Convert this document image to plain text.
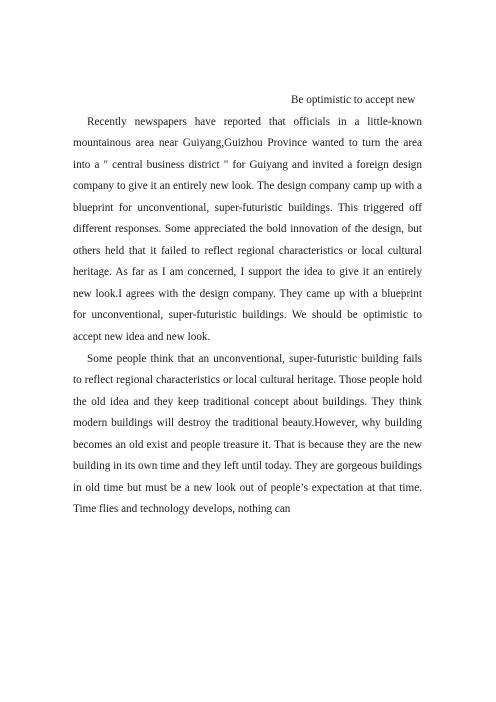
Be optimistic to accept new

Recently newspapers have reported that officials in a little-known mountainous area near Guiyang,Guizhou Province wanted to turn the area into a " central business district " for Guiyang and invited a foreign design company to give it an entirely new look. The design company camp up with a blueprint for unconventional, super-futuristic buildings. This triggered off different responses. Some appreciated the bold innovation of the design, but others held that it failed to reflect regional characteristics or local cultural heritage. As far as I am concerned, I support the idea to give it an entirely new look.I agrees with the design company. They came up with a blueprint for unconventional, super-futuristic buildings. We should be optimistic to accept new idea and new look.

Some people think that an unconventional, super-futuristic building fails to reflect regional characteristics or local cultural heritage. Those people hold the old idea and they keep traditional concept about buildings. They think modern buildings will destroy the traditional beauty.However, why building becomes an old exist and people treasure it. That is because they are the new building in its own time and they left until today. They are gorgeous buildings in old time but must be a new look out of people’s expectation at that time. Time flies and technology develops, nothing can
